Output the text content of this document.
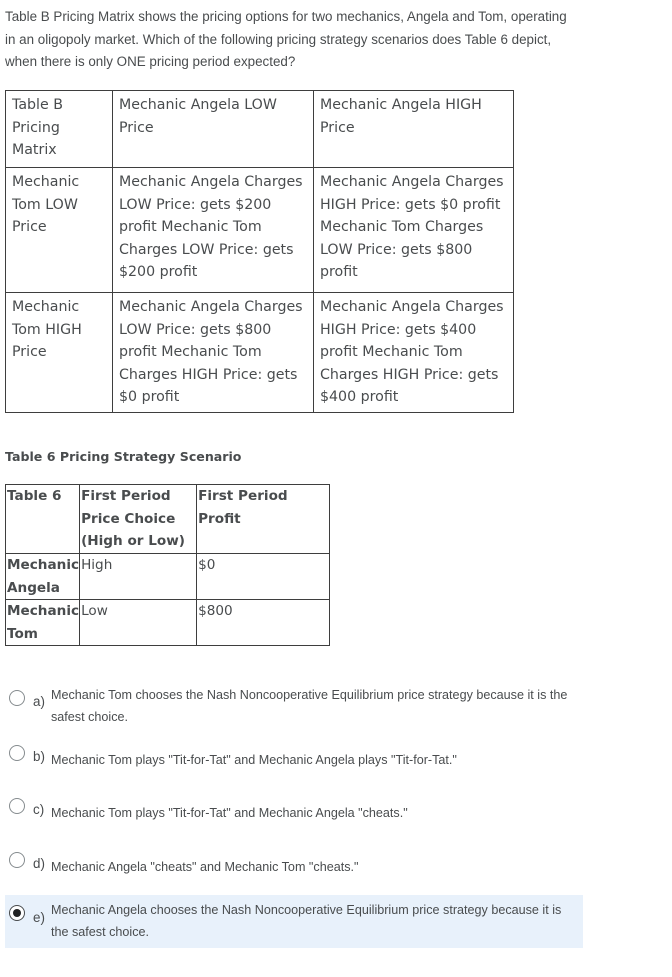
Table B Pricing Matrix shows the pricing options for two mechanics, Angela and Tom, operating in an oligopoly market. Which of the following pricing strategy scenarios does Table 6 depict, when there is only ONE pricing period expected?
Table B Pricing Matrix	Mechanic Angela LOW Price	Mechanic Angela HIGH Price
Mechanic Tom LOW Price	Mechanic Angela Charges LOW Price: gets $200 profit Mechanic Tom Charges LOW Price: gets $200 profit	Mechanic Angela Charges HIGH Price: gets $0 profit Mechanic Tom Charges LOW Price: gets $800 profit
Mechanic Tom HIGH Price	Mechanic Angela Charges LOW Price: gets $800 profit Mechanic Tom Charges HIGH Price: gets $0 profit	Mechanic Angela Charges HIGH Price: gets $400 profit Mechanic Tom Charges HIGH Price: gets $400 profit
Table 6 Pricing Strategy Scenario
Table 6	First Period Price Choice (High or Low)	First Period Profit
Mechanic Angela	High	$0
Mechanic Tom	Low	$800
a) Mechanic Tom chooses the Nash Noncooperative Equilibrium price strategy because it is the safest choice.
b) Mechanic Tom plays "Tit-for-Tat" and Mechanic Angela plays "Tit-for-Tat."
c) Mechanic Tom plays "Tit-for-Tat" and Mechanic Angela "cheats."
d) Mechanic Angela "cheats" and Mechanic Tom "cheats."
e) Mechanic Angela chooses the Nash Noncooperative Equilibrium price strategy because it is the safest choice.
